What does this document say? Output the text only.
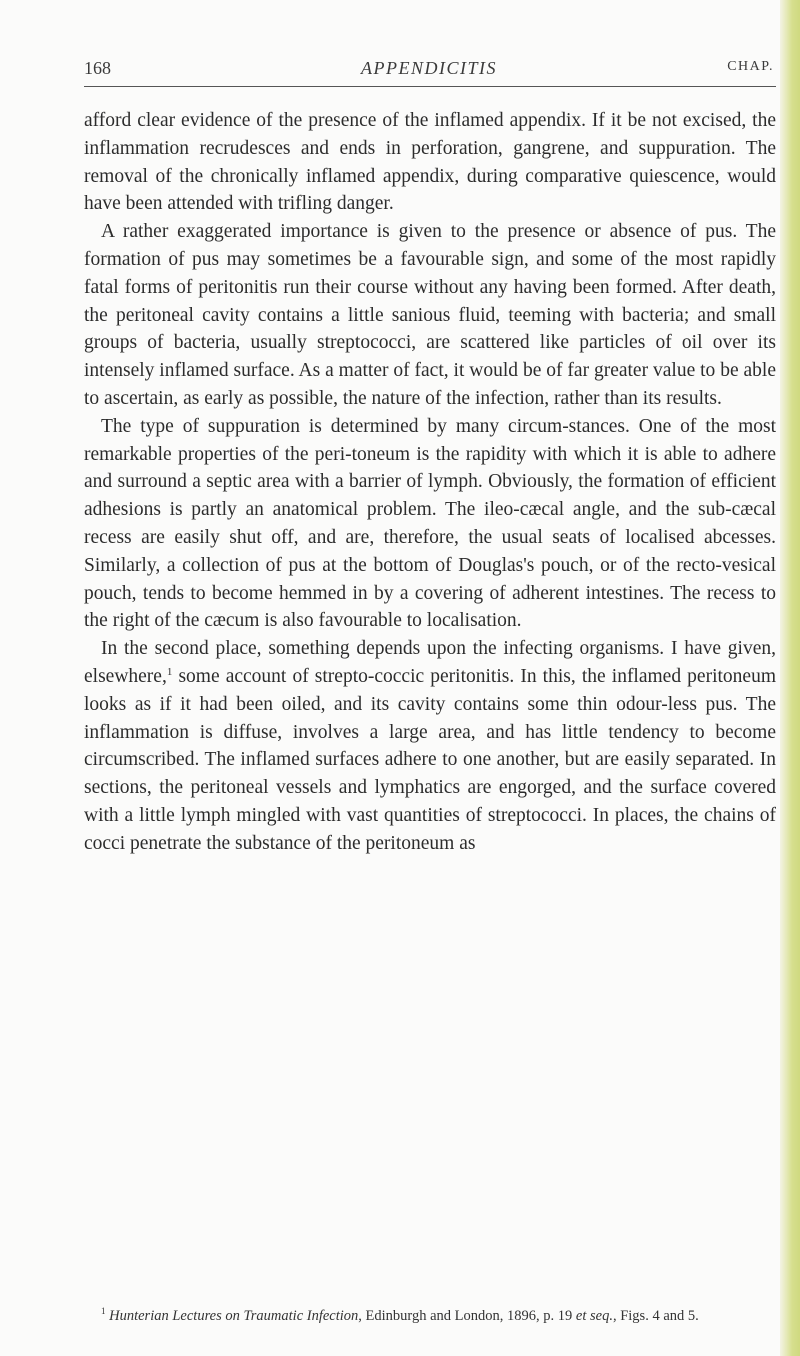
168	APPENDICITIS	CHAP.

afford clear evidence of the presence of the inflamed appendix. If it be not excised, the inflammation recrudesces and ends in perforation, gangrene, and suppuration. The removal of the chronically inflamed appendix, during comparative quiescence, would have been attended with trifling danger.

A rather exaggerated importance is given to the presence or absence of pus. The formation of pus may sometimes be a favourable sign, and some of the most rapidly fatal forms of peritonitis run their course without any having been formed. After death, the peritoneal cavity contains a little sanious fluid, teeming with bacteria; and small groups of bacteria, usually streptococci, are scattered like particles of oil over its intensely inflamed surface. As a matter of fact, it would be of far greater value to be able to ascertain, as early as possible, the nature of the infection, rather than its results.

The type of suppuration is determined by many circum-stances. One of the most remarkable properties of the peri-toneum is the rapidity with which it is able to adhere and surround a septic area with a barrier of lymph. Obviously, the formation of efficient adhesions is partly an anatomical problem. The ileo-cæcal angle, and the sub-cæcal recess are easily shut off, and are, therefore, the usual seats of localised abcesses. Similarly, a collection of pus at the bottom of Douglas's pouch, or of the recto-vesical pouch, tends to become hemmed in by a covering of adherent intestines. The recess to the right of the cæcum is also favourable to localisation.

In the second place, something depends upon the infecting organisms. I have given, elsewhere,$^1$ some account of strepto-coccic peritonitis. In this, the inflamed peritoneum looks as if it had been oiled, and its cavity contains some thin odour-less pus. The inflammation is diffuse, involves a large area, and has little tendency to become circumscribed. The inflamed surfaces adhere to one another, but are easily separated. In sections, the peritoneal vessels and lymphatics are engorged, and the surface covered with a little lymph mingled with vast quantities of streptococci. In places, the chains of cocci penetrate the substance of the peritoneum as

$^1$ Hunterian Lectures on Traumatic Infection, Edinburgh and London, 1896, p. 19 et seq., Figs. 4 and 5.
